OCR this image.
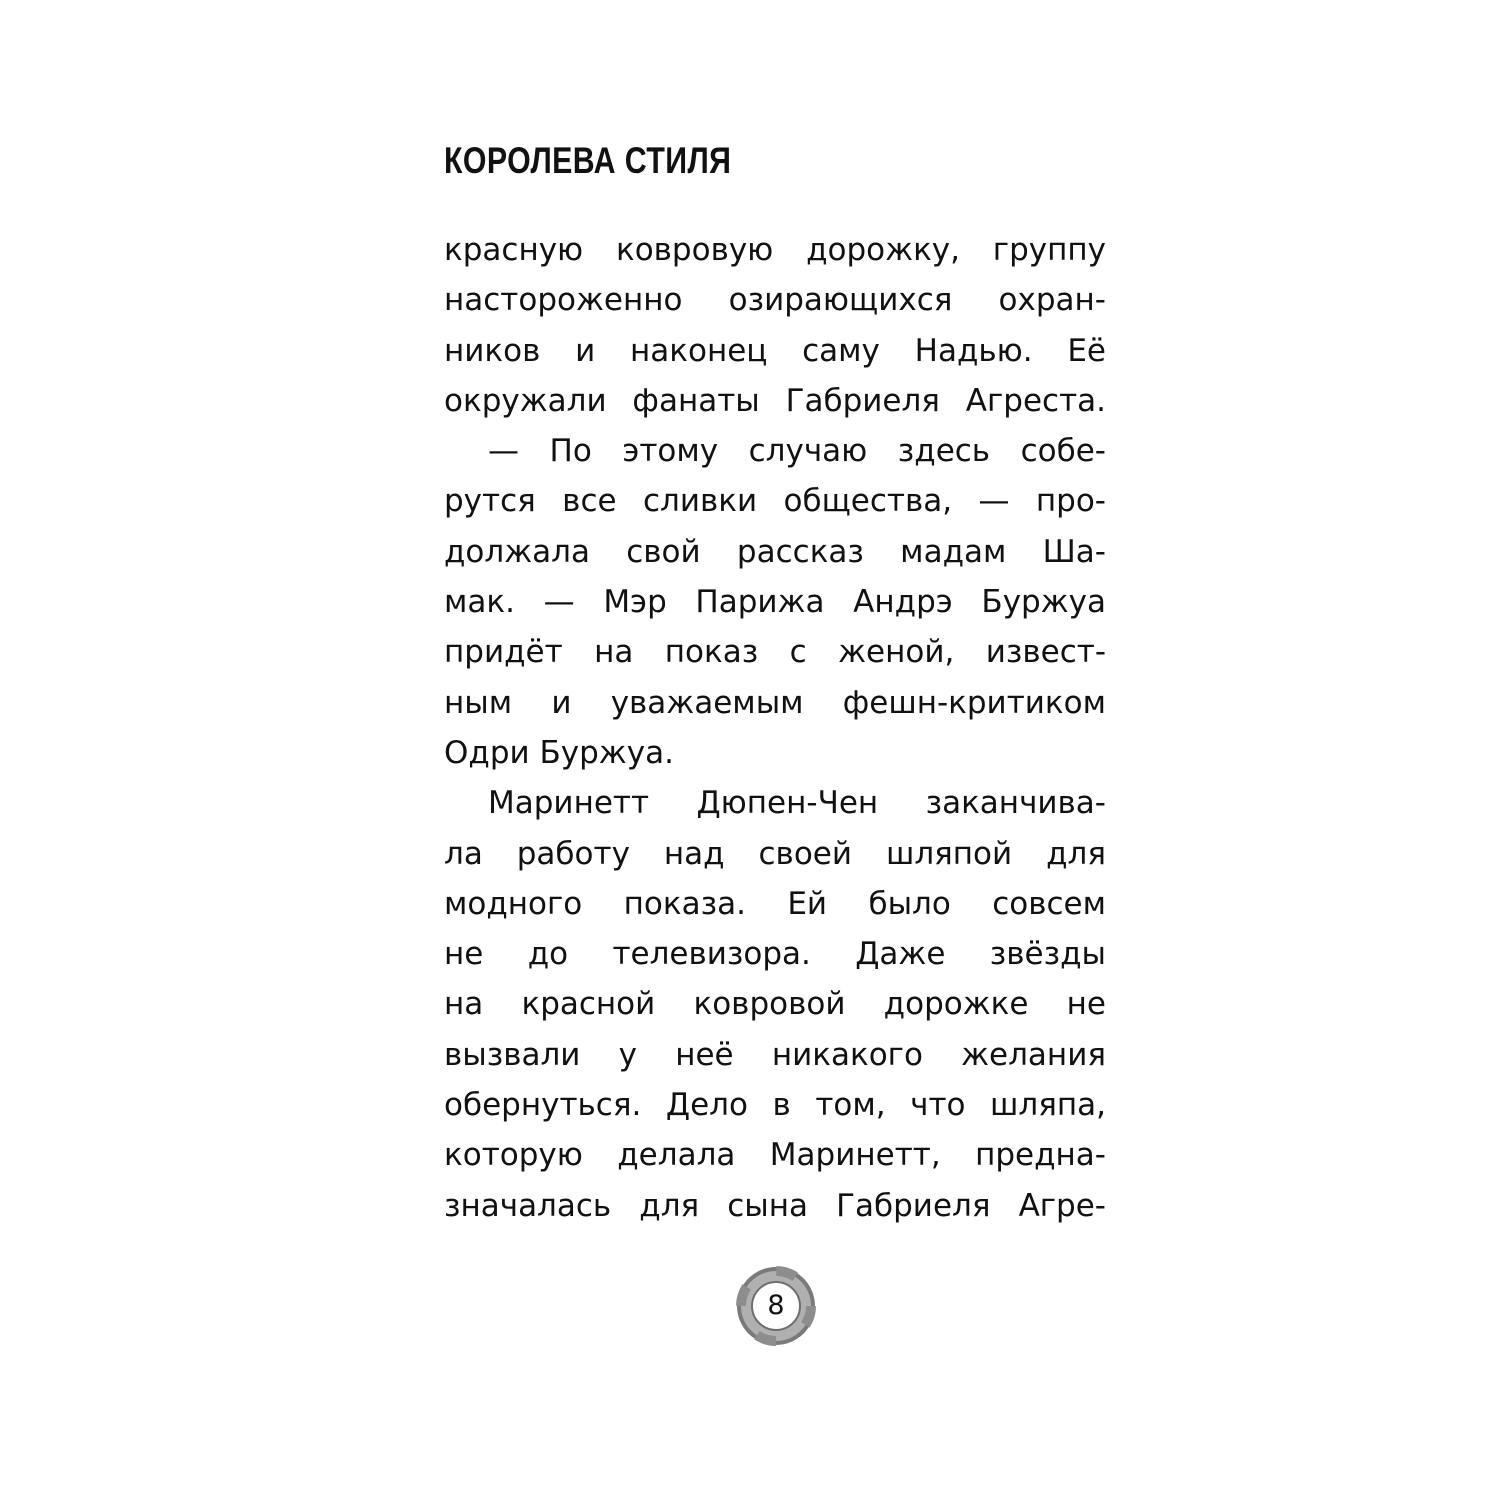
КОРОЛЕВА СТИЛЯ
красную ковровую дорожку, группу
настороженно озирающихся охран-
ников и наконец саму Надью. Её
окружали фанаты Габриеля Агреста.
— По этому случаю здесь собе-
рутся все сливки общества, — про-
должала свой рассказ мадам Ша-
мак. — Мэр Парижа Андрэ Буржуа
придёт на показ с женой, извест-
ным и уважаемым фешн-критиком
Одри Буржуа.
Маринетт Дюпен-Чен заканчива-
ла работу над своей шляпой для
модного показа. Ей было совсем
не до телевизора. Даже звёзды
на красной ковровой дорожке не
вызвали у неё никакого желания
обернуться. Дело в том, что шляпа,
которую делала Маринетт, предна-
значалась для сына Габриеля Агре-
8
